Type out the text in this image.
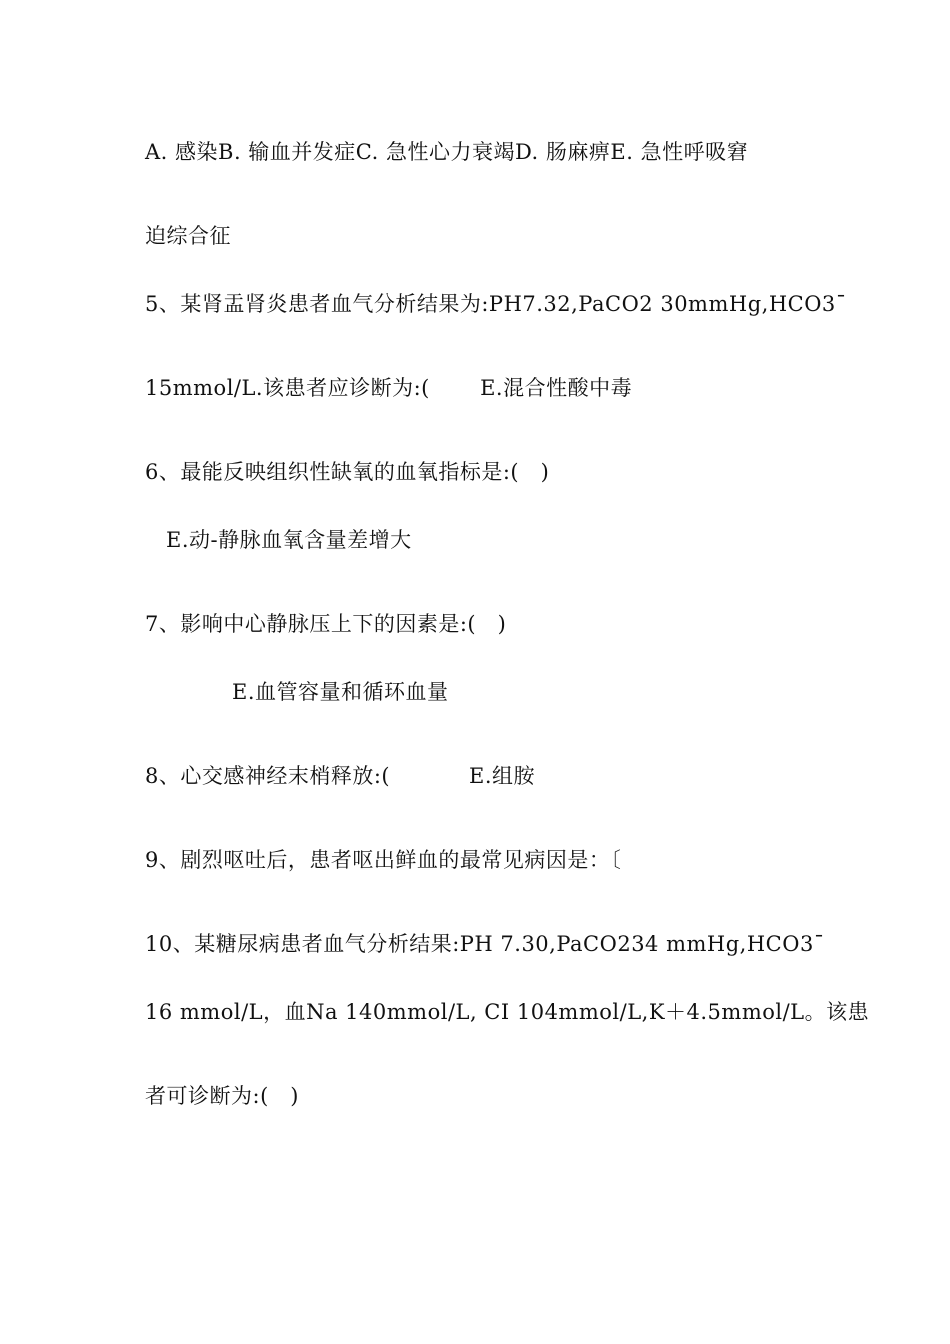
A. 感染B. 输血并发症C. 急性心力衰竭D. 肠麻痹E. 急性呼吸窘
迫综合征
5、某肾盂肾炎患者血气分析结果为:PH7.32,PaCO2 30mmHg,HCO3¯
15mmol/L.该患者应诊断为:(       E.混合性酸中毒
6、最能反映组织性缺氧的血氧指标是:(   )
E.动-静脉血氧含量差增大
7、影响中心静脉压上下的因素是:(   )
E.血管容量和循环血量
8、心交感神经末梢释放:(           E.组胺
9、剧烈呕吐后，患者呕出鲜血的最常见病因是：〔
10、某糖尿病患者血气分析结果:PH 7.30,PaCO234 mmHg,HCO3¯
16 mmol/L，血Na 140mmol/L, CI 104mmol/L,K＋4.5mmol/L。该患
者可诊断为:(   )
